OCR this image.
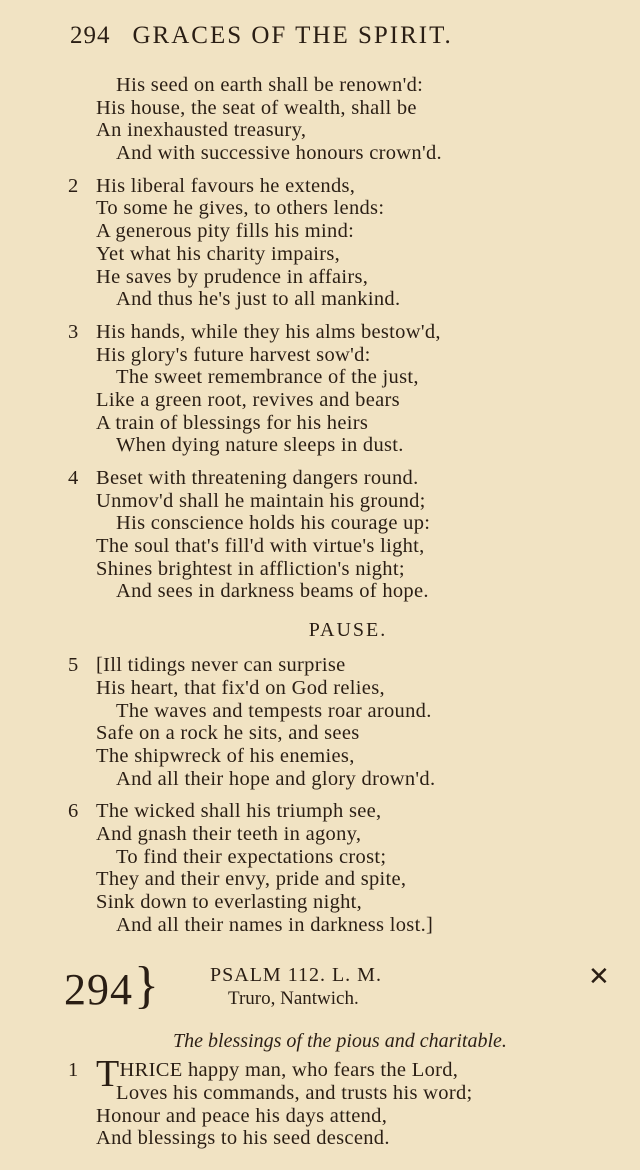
294 GRACES OF THE SPIRIT.
His seed on earth shall be renown'd:
His house, the seat of wealth, shall be
An inexhausted treasury,
And with successive honours crown'd.
2 His liberal favours he extends,
To some he gives, to others lends:
A generous pity fills his mind:
Yet what his charity impairs,
He saves by prudence in affairs,
And thus he's just to all mankind.
3 His hands, while they his alms bestow'd,
His glory's future harvest sow'd:
The sweet remembrance of the just,
Like a green root, revives and bears
A train of blessings for his heirs
When dying nature sleeps in dust.
4 Beset with threatening dangers round.
Unmov'd shall he maintain his ground;
His conscience holds his courage up:
The soul that's fill'd with virtue's light,
Shines brightest in affliction's night;
And sees in darkness beams of hope.
PAUSE.
5 [Ill tidings never can surprise
His heart, that fix'd on God relies,
The waves and tempests roar around.
Safe on a rock he sits, and sees
The shipwreck of his enemies,
And all their hope and glory drown'd.
6 The wicked shall his triumph see,
And gnash their teeth in agony,
To find their expectations crost;
They and their envy, pride and spite,
Sink down to everlasting night,
And all their names in darkness lost.]
294 }	PSALM 112. L. M.
Truro, Nantwich.
✕
The blessings of the pious and charitable.
1 THRICE happy man, who fears the Lord,
Loves his commands, and trusts his word;
Honour and peace his days attend,
And blessings to his seed descend.
